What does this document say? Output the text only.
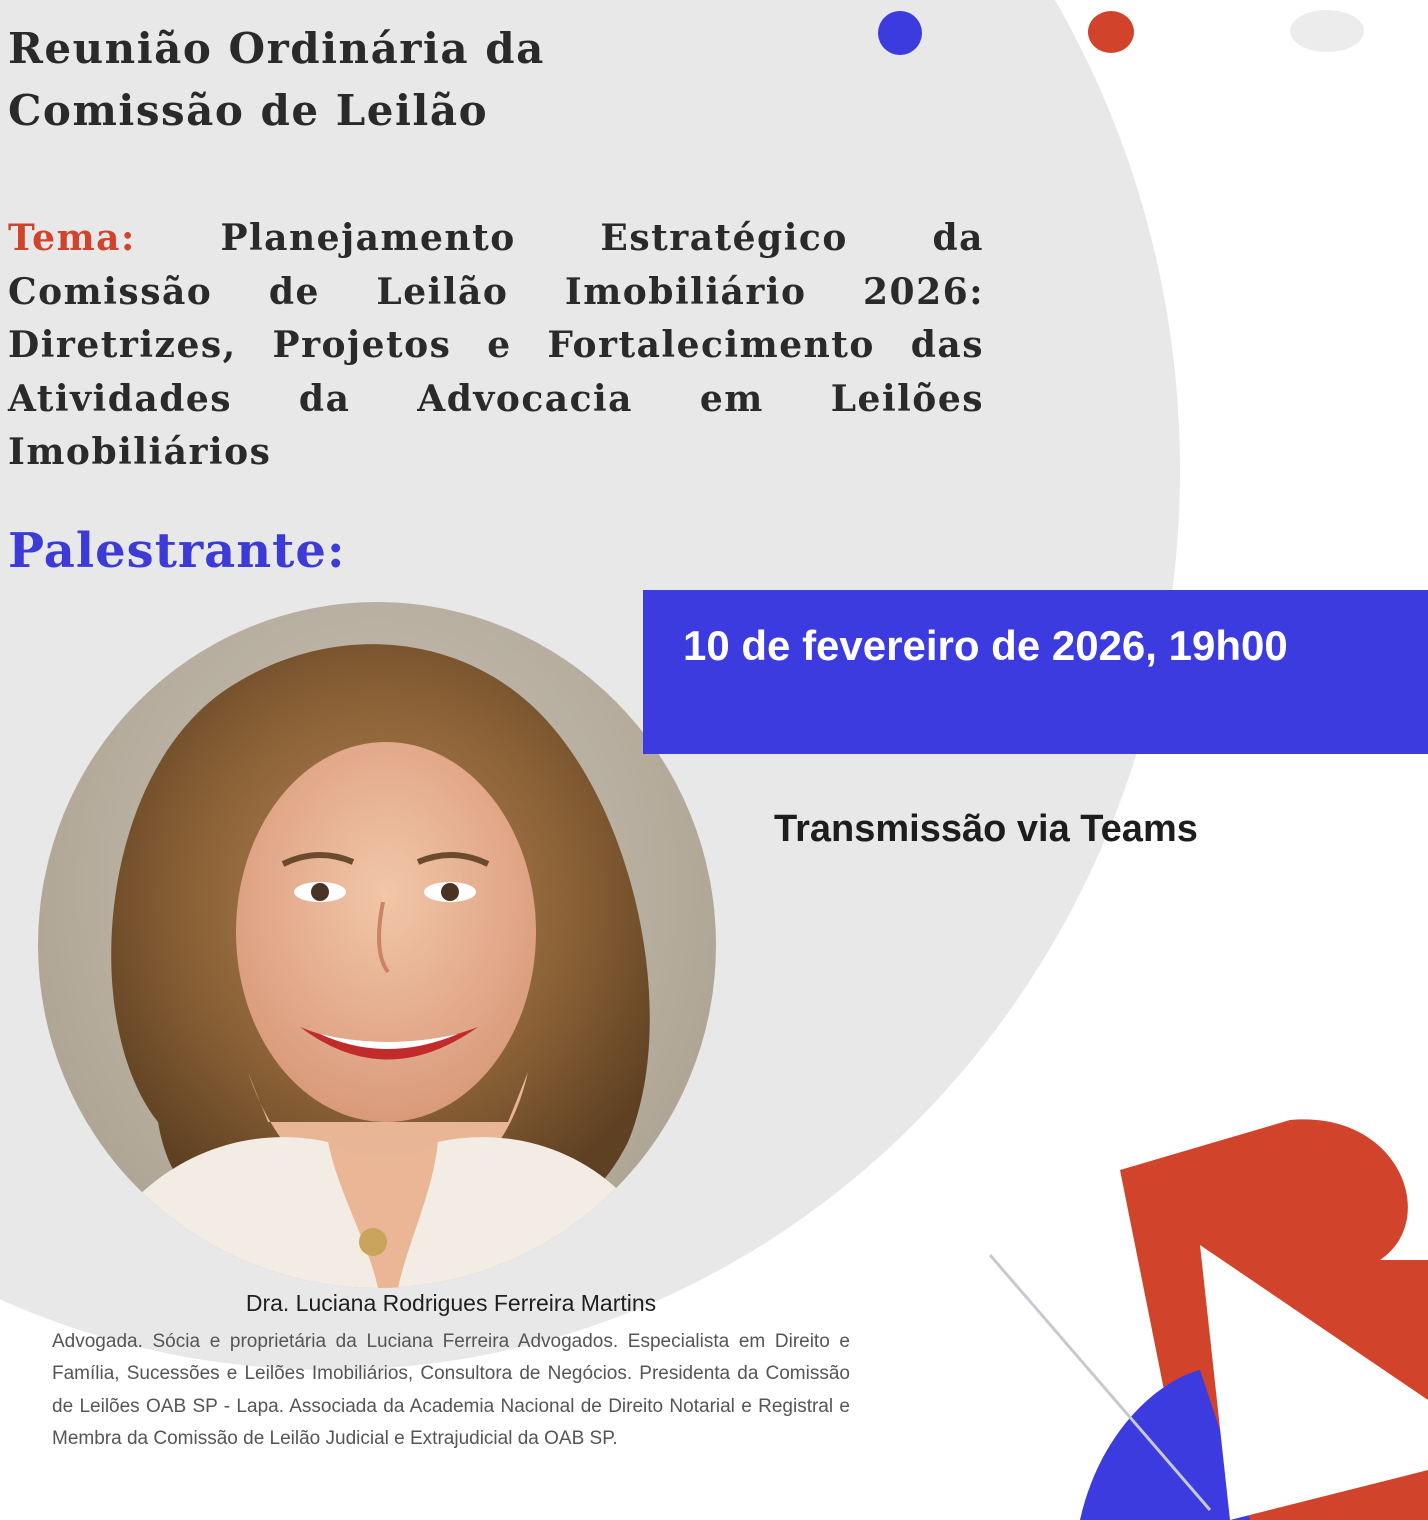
Reunião Ordinária da
Comissão de Leilão

Tema: Planejamento Estratégico da Comissão de Leilão Imobiliário 2026: Diretrizes, Projetos e Fortalecimento das Atividades da Advocacia em Leilões Imobiliários

Palestrante:
10 de fevereiro de 2026, 19h00
Transmissão via Teams
Dra. Luciana Rodrigues Ferreira Martins

Advogada. Sócia e proprietária da Luciana Ferreira Advogados. Especialista em Direito e Família, Sucessões e Leilões Imobiliários, Consultora de Negócios. Presidenta da Comissão de Leilões OAB SP - Lapa. Associada da Academia Nacional de Direito Notarial e Registral e Membra da Comissão de Leilão Judicial e Extrajudicial da OAB SP.
